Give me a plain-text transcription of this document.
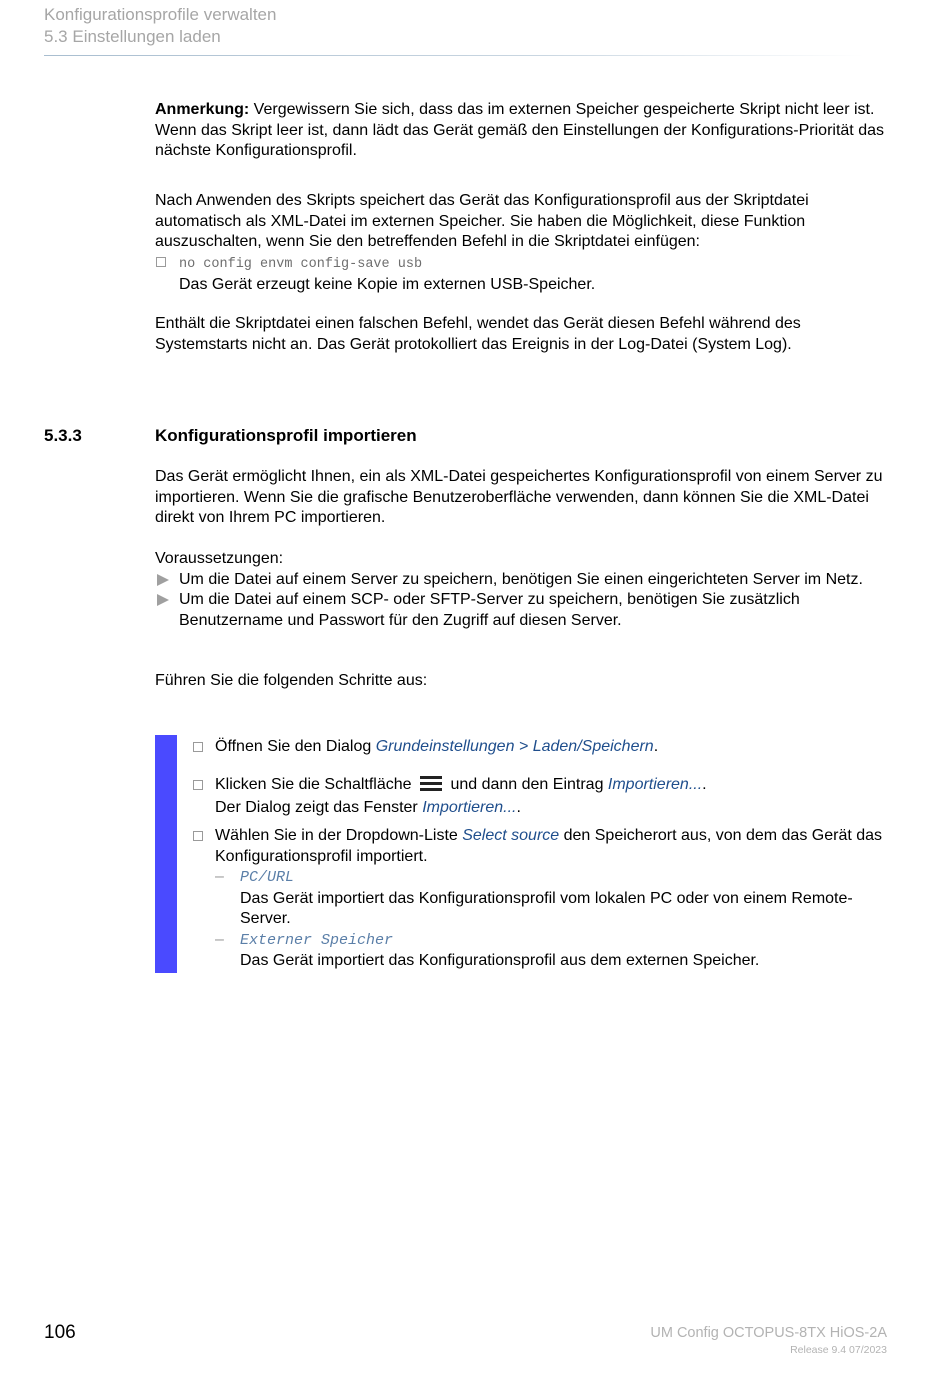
Konfigurationsprofile verwalten
5.3 Einstellungen laden

Anmerkung: Vergewissern Sie sich, dass das im externen Speicher gespeicherte Skript nicht leer ist. Wenn das Skript leer ist, dann lädt das Gerät gemäß den Einstellungen der Konfigurations-Priorität das nächste Konfigurationsprofil.

Nach Anwenden des Skripts speichert das Gerät das Konfigurationsprofil aus der Skriptdatei automatisch als XML-Datei im externen Speicher. Sie haben die Möglichkeit, diese Funktion auszuschalten, wenn Sie den betreffenden Befehl in die Skriptdatei einfügen:

no config envm config-save usb

Das Gerät erzeugt keine Kopie im externen USB-Speicher.

Enthält die Skriptdatei einen falschen Befehl, wendet das Gerät diesen Befehl während des Systemstarts nicht an. Das Gerät protokolliert das Ereignis in der Log-Datei (System Log).

5.3.3	Konfigurationsprofil importieren

Das Gerät ermöglicht Ihnen, ein als XML-Datei gespeichertes Konfigurationsprofil von einem Server zu importieren. Wenn Sie die grafische Benutzeroberfläche verwenden, dann können Sie die XML-Datei direkt von Ihrem PC importieren.

Voraussetzungen:

Um die Datei auf einem Server zu speichern, benötigen Sie einen eingerichteten Server im Netz.
Um die Datei auf einem SCP- oder SFTP-Server zu speichern, benötigen Sie zusätzlich Benutzername und Passwort für den Zugriff auf diesen Server.

Führen Sie die folgenden Schritte aus:

Öffnen Sie den Dialog Grundeinstellungen > Laden/Speichern.
Klicken Sie die Schaltfläche
und dann den Eintrag Importieren....
Der Dialog zeigt das Fenster Importieren....
Wählen Sie in der Dropdown-Liste Select source den Speicherort aus, von dem das Gerät das Konfigurationsprofil importiert.
– PC/URL
Das Gerät importiert das Konfigurationsprofil vom lokalen PC oder von einem Remote-Server.
– Externer Speicher
Das Gerät importiert das Konfigurationsprofil aus dem externen Speicher.
106	UM Config OCTOPUS-8TX HiOS-2A
Release 9.4 07/2023
